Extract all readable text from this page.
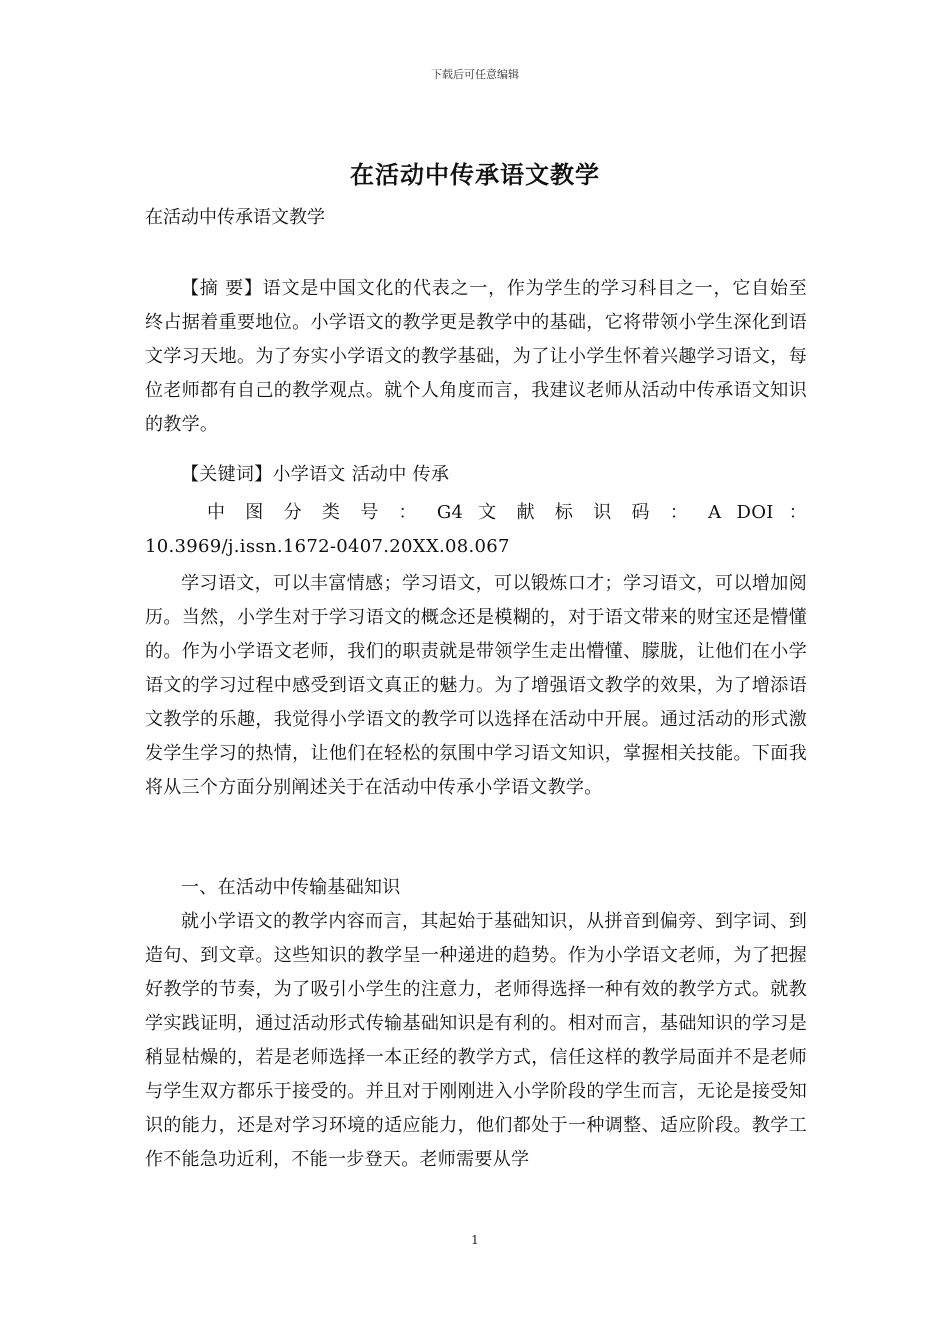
下载后可任意编辑
在活动中传承语文教学
在活动中传承语文教学

【摘 要】语文是中国文化的代表之一，作为学生的学习科目之一，它自始至终占据着重要地位。小学语文的教学更是教学中的基础，它将带领小学生深化到语文学习天地。为了夯实小学语文的教学基础，为了让小学生怀着兴趣学习语文，每位老师都有自己的教学观点。就个人角度而言，我建议老师从活动中传承语文知识的教学。

【关键词】小学语文 活动中 传承

中 图 分 类 号 ： G4 文 献 标 识 码 ： A DOI ： 10.3969/j.issn.1672-0407.20XX.08.067

学习语文，可以丰富情感；学习语文，可以锻炼口才；学习语文，可以增加阅历。当然，小学生对于学习语文的概念还是模糊的，对于语文带来的财宝还是懵懂的。作为小学语文老师，我们的职责就是带领学生走出懵懂、朦胧，让他们在小学语文的学习过程中感受到语文真正的魅力。为了增强语文教学的效果，为了增添语文教学的乐趣，我觉得小学语文的教学可以选择在活动中开展。通过活动的形式激发学生学习的热情，让他们在轻松的氛围中学习语文知识，掌握相关技能。下面我将从三个方面分别阐述关于在活动中传承小学语文教学。

一、在活动中传输基础知识

就小学语文的教学内容而言，其起始于基础知识，从拼音到偏旁、到字词、到造句、到文章。这些知识的教学呈一种递进的趋势。作为小学语文老师，为了把握好教学的节奏，为了吸引小学生的注意力，老师得选择一种有效的教学方式。就教学实践证明，通过活动形式传输基础知识是有利的。相对而言，基础知识的学习是稍显枯燥的，若是老师选择一本正经的教学方式，信任这样的教学局面并不是老师与学生双方都乐于接受的。并且对于刚刚进入小学阶段的学生而言，无论是接受知识的能力，还是对学习环境的适应能力，他们都处于一种调整、适应阶段。教学工作不能急功近利，不能一步登天。老师需要从学

1
